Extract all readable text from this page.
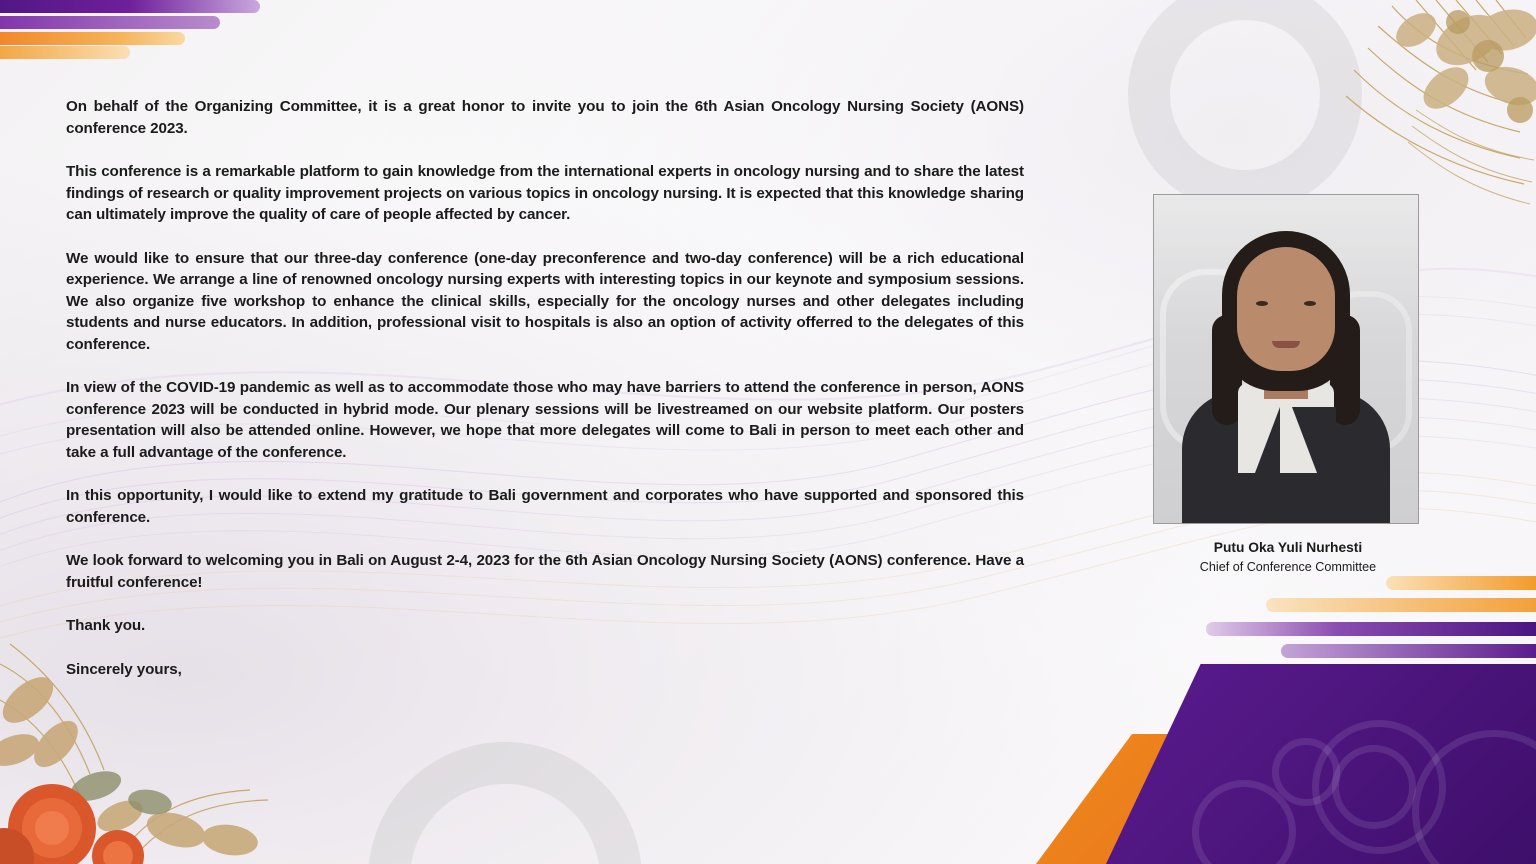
On behalf of the Organizing Committee, it is a great honor to invite you to join the 6th Asian Oncology Nursing Society (AONS) conference 2023.

This conference is a remarkable platform to gain knowledge from the international experts in oncology nursing and to share the latest findings of research or quality improvement projects on various topics in oncology nursing. It is expected that this knowledge sharing can ultimately improve the quality of care of people affected by cancer.

We would like to ensure that our three-day conference (one-day preconference and two-day conference) will be a rich educational experience. We arrange a line of renowned oncology nursing experts with interesting topics in our keynote and symposium sessions. We also organize five workshop to enhance the clinical skills, especially for the oncology nurses and other delegates including students and nurse educators. In addition, professional visit to hospitals is also an option of activity offerred to the delegates of this conference.

In view of the COVID-19 pandemic as well as to accommodate those who may have barriers to attend the conference in person, AONS conference 2023 will be conducted in hybrid mode. Our plenary sessions will be livestreamed on our website platform. Our posters presentation will also be attended online. However, we hope that more delegates will come to Bali in person to meet each other and take a full advantage of the conference.

In this opportunity, I would like to extend my gratitude to Bali government and corporates who have supported and sponsored this conference.

We look forward to welcoming you in Bali on August 2-4, 2023 for the 6th Asian Oncology Nursing Society (AONS) conference. Have a fruitful conference!

Thank you.

Sincerely yours,

Putu Oka Yuli Nurhesti
Chief of Conference Committee
